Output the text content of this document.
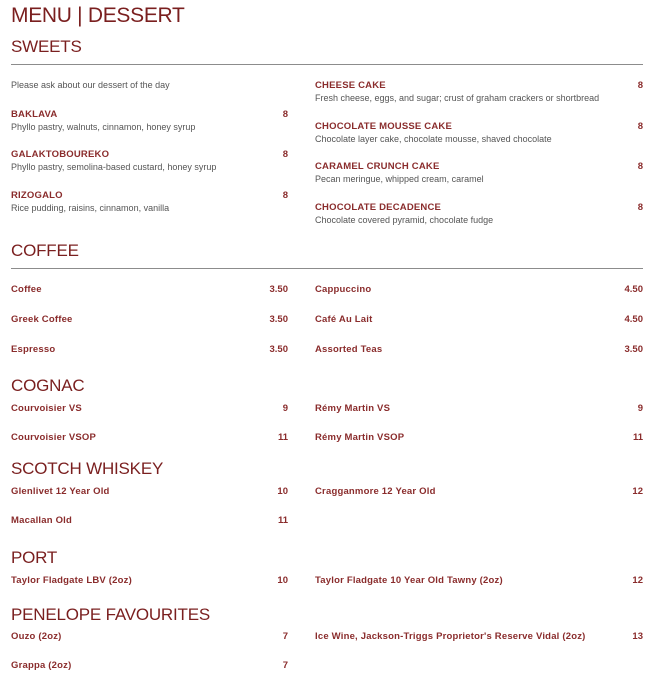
MENU | DESSERT
SWEETS
Please ask about our dessert of the day
BAKLAVA
Phyllo pastry, walnuts, cinnamon, honey syrup
8
GALAKTOBOUREKO
Phyllo pastry, semolina-based custard, honey syrup
8
RIZOGALO
Rice pudding, raisins, cinnamon, vanilla
8
CHEESE CAKE
Fresh cheese, eggs, and sugar; crust of graham crackers or shortbread
8
CHOCOLATE MOUSSE CAKE
Chocolate layer cake, chocolate mousse, shaved chocolate
8
CARAMEL CRUNCH CAKE
Pecan meringue, whipped cream, caramel
8
CHOCOLATE DECADENCE
Chocolate covered pyramid, chocolate fudge
8
COFFEE
Coffee	3.50
Greek Coffee	3.50
Espresso	3.50
Cappuccino	4.50
Café Au Lait	4.50
Assorted Teas	3.50
COGNAC
Courvoisier VS	9
Courvoisier VSOP	11
Rémy Martin VS	9
Rémy Martin VSOP	11
SCOTCH WHISKEY
Glenlivet 12 Year Old	10
Macallan Old	11
Cragganmore 12 Year Old	12
PORT
Taylor Fladgate LBV (2oz)	10	Taylor Fladgate 10 Year Old Tawny (2oz)	12
PENELOPE FAVOURITES
Ouzo (2oz)	7
Grappa (2oz)	7
Ice Wine, Jackson-Triggs Proprietor's Reserve Vidal (2oz)	13
